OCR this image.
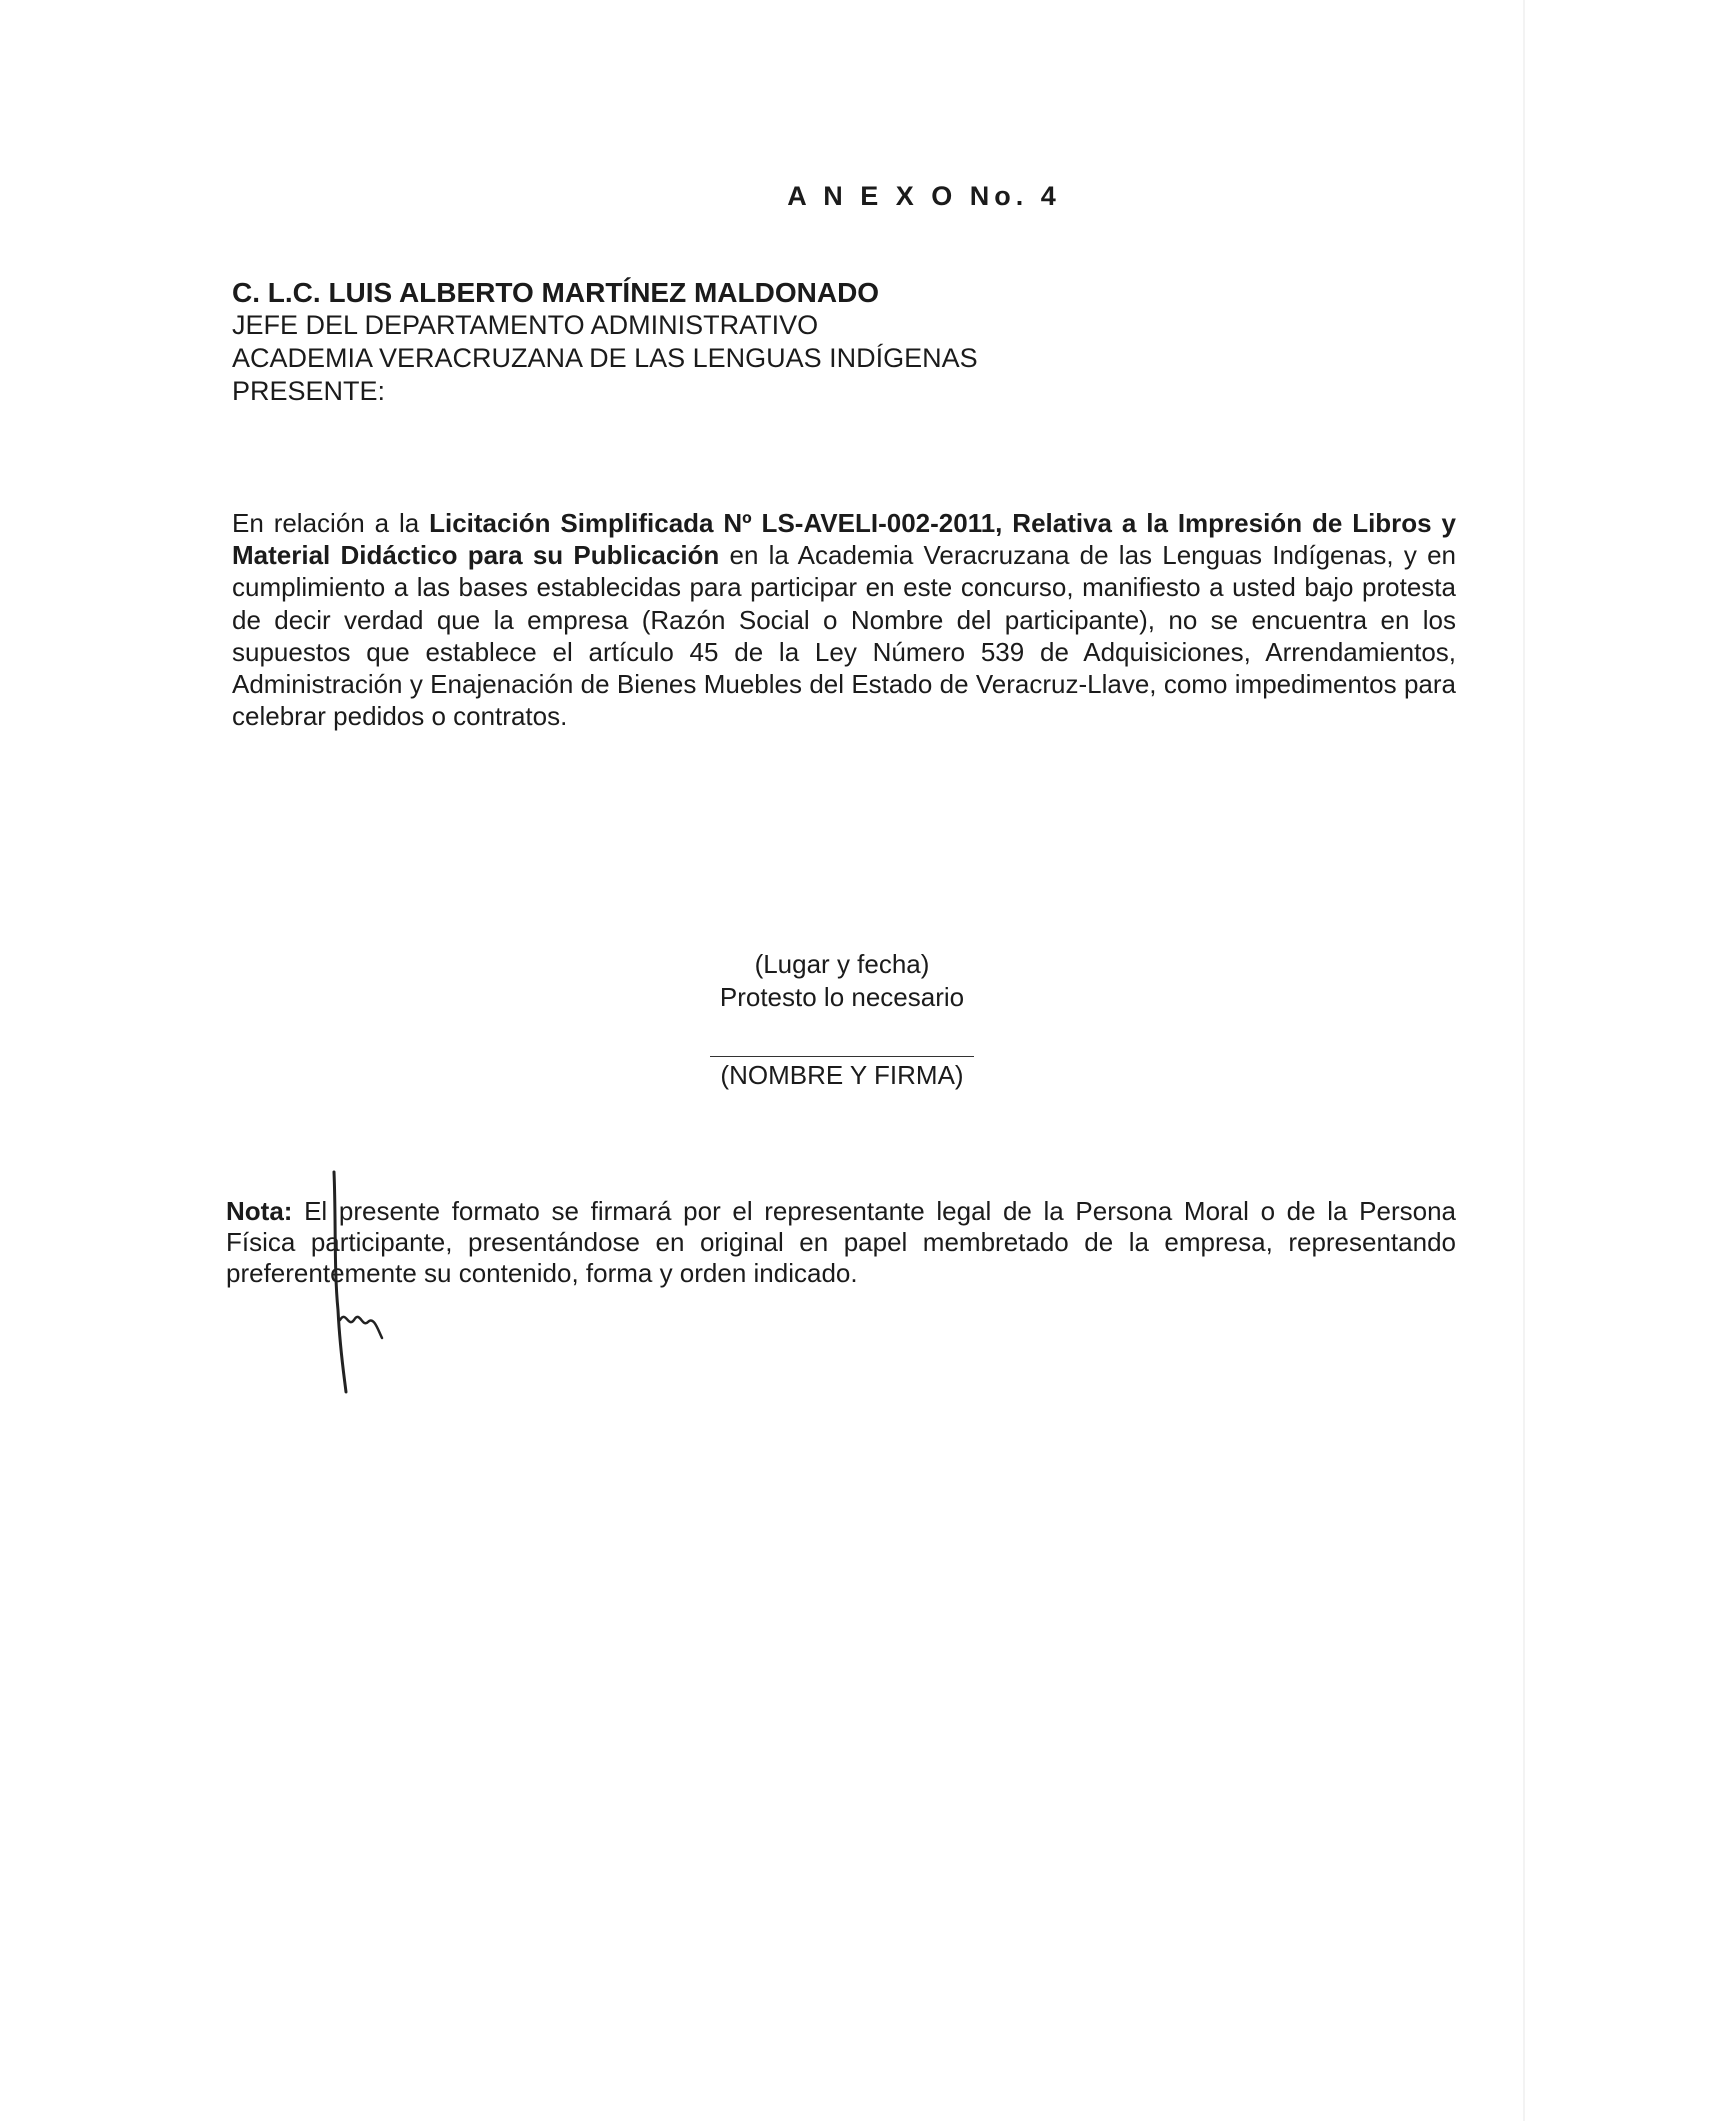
A N E X O No. 4
C. L.C. LUIS ALBERTO MARTÍNEZ MALDONADO
JEFE DEL DEPARTAMENTO ADMINISTRATIVO
ACADEMIA VERACRUZANA DE LAS LENGUAS INDÍGENAS
PRESENTE:
En relación a la Licitación Simplificada Nº LS-AVELI-002-2011, Relativa a la Impresión de Libros y Material Didáctico para su Publicación en la Academia Veracruzana de las Lenguas Indígenas, y en cumplimiento a las bases establecidas para participar en este concurso, manifiesto a usted bajo protesta de decir verdad que la empresa (Razón Social o Nombre del participante), no se encuentra en los supuestos que establece el artículo 45 de la Ley Número 539 de Adquisiciones, Arrendamientos, Administración y Enajenación de Bienes Muebles del Estado de Veracruz-Llave, como impedimentos para celebrar pedidos o contratos.
(Lugar y fecha)
Protesto lo necesario
(NOMBRE Y FIRMA)
Nota: El presente formato se firmará por el representante legal de la Persona Moral o de la Persona Física participante, presentándose en original en papel membretado de la empresa, representando preferentemente su contenido, forma y orden indicado.
